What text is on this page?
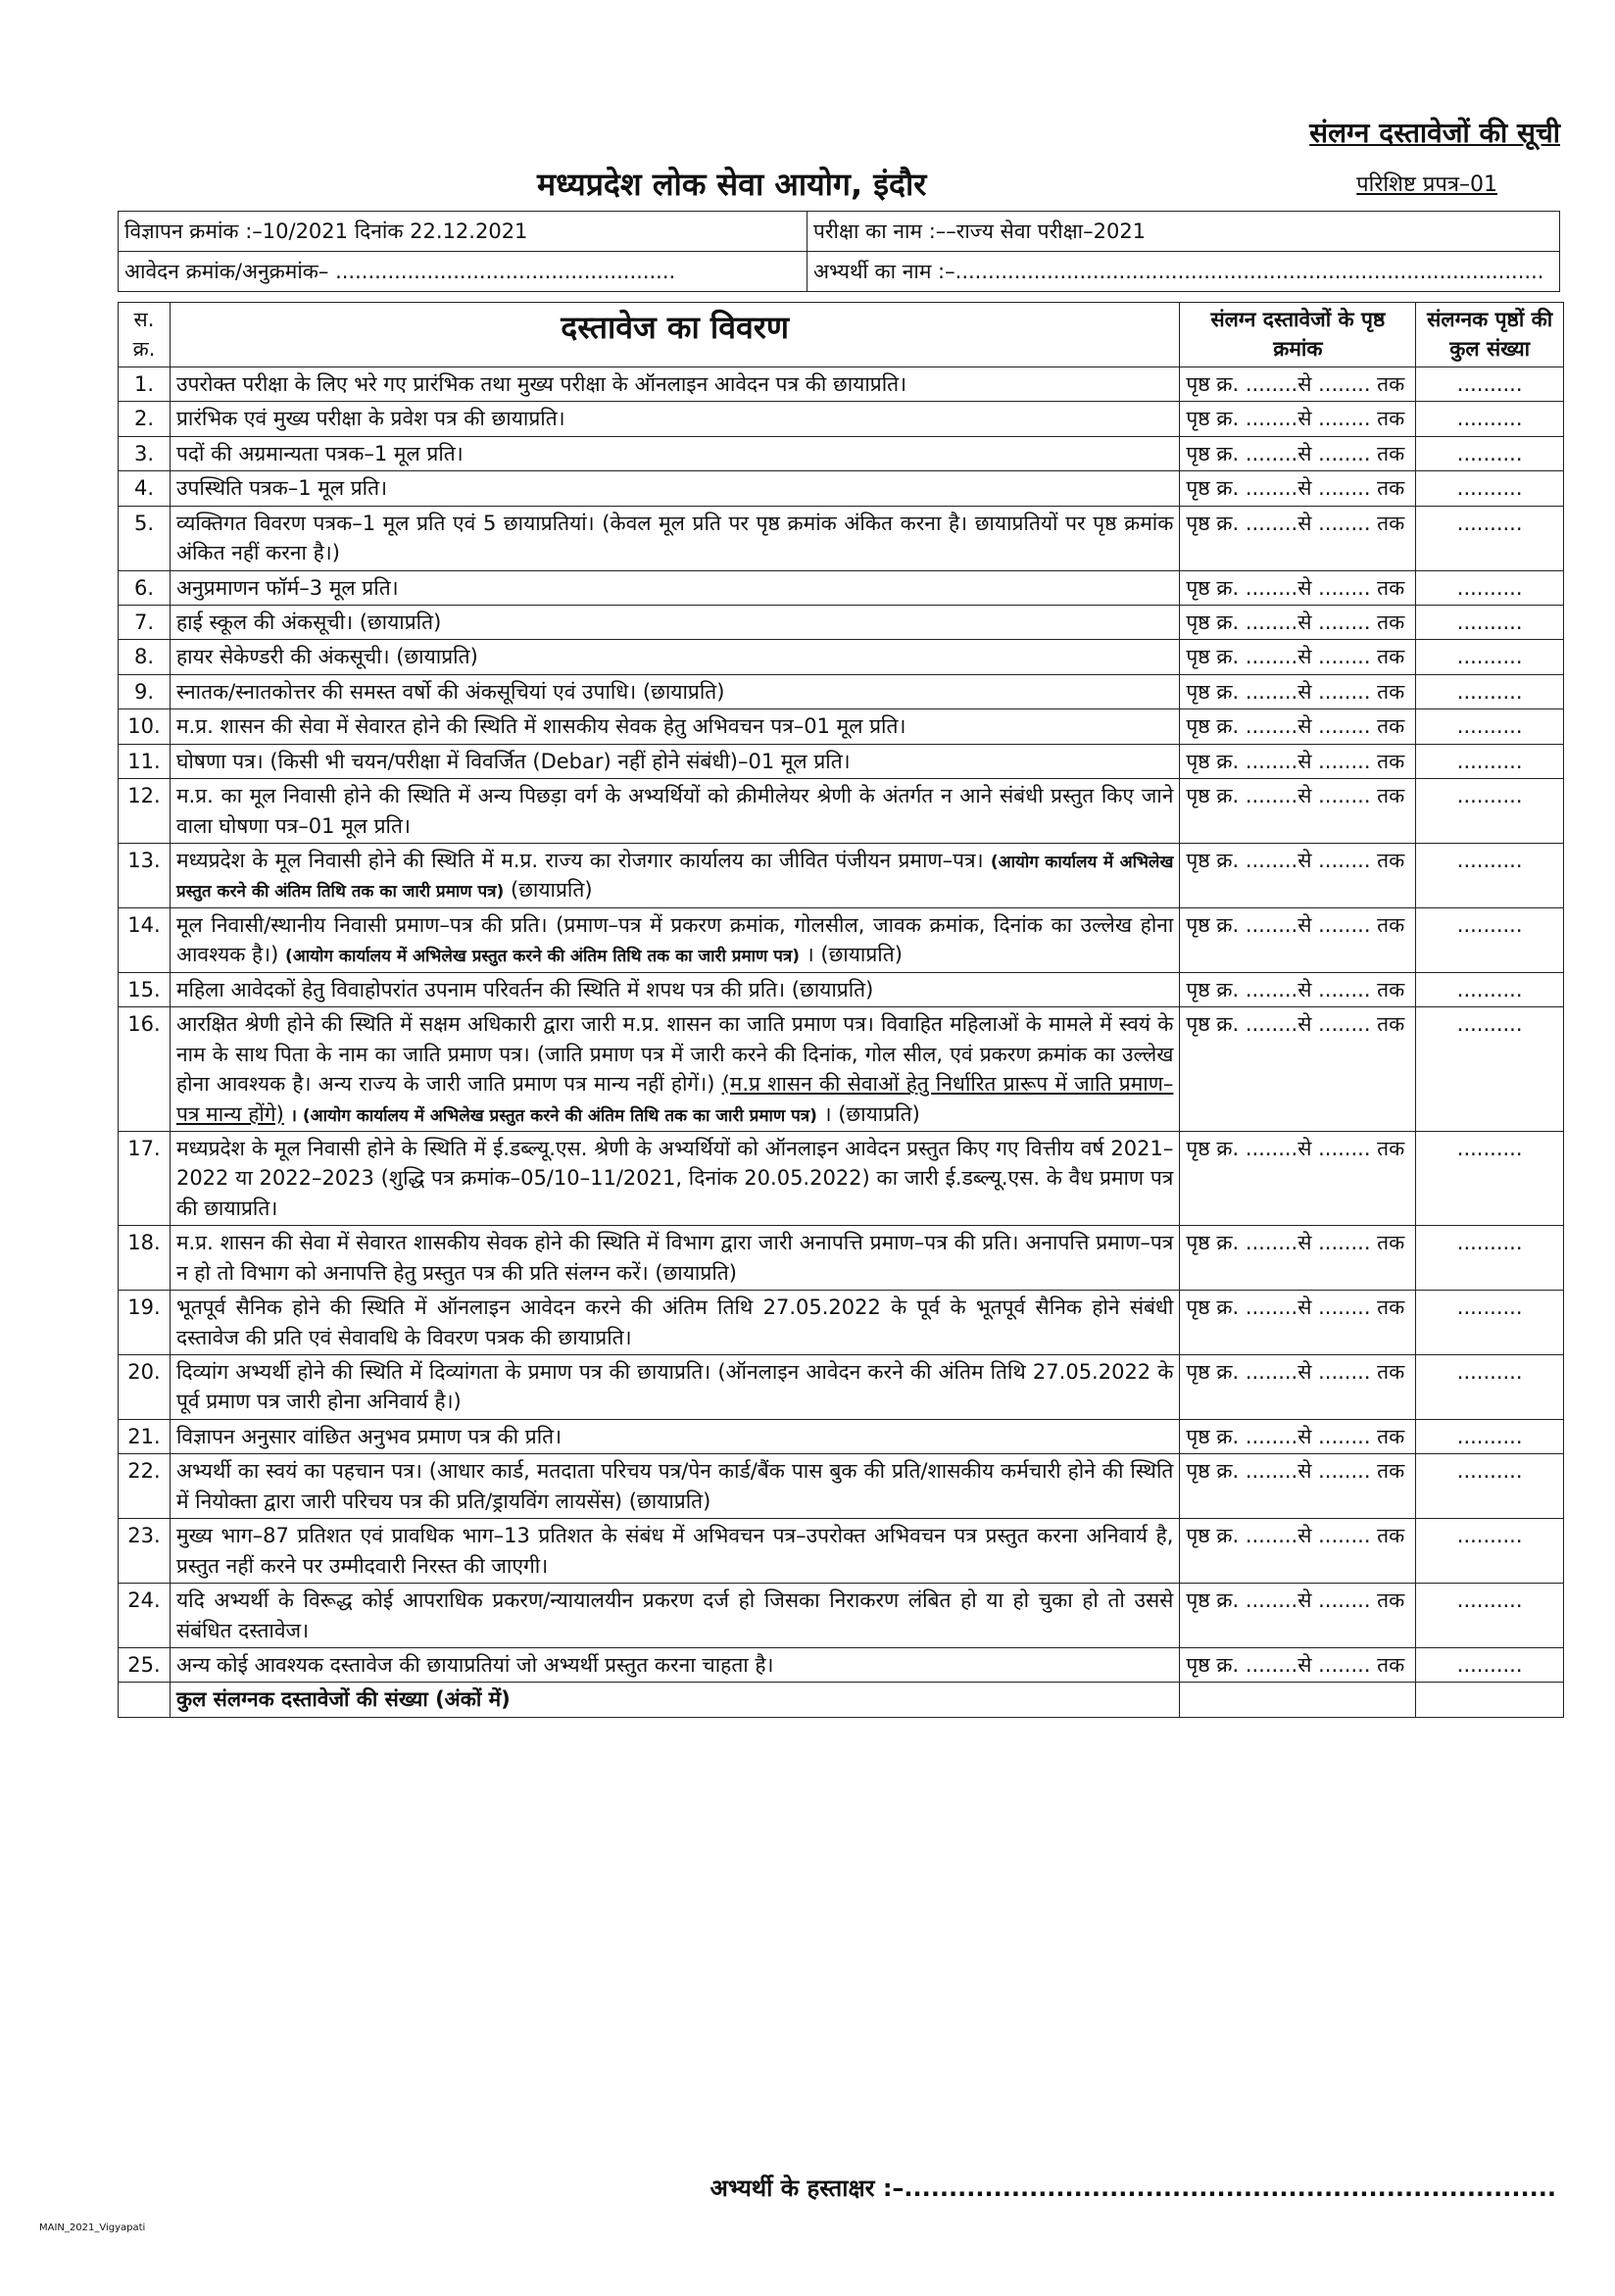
संलग्न दस्तावेजों की सूची
मध्यप्रदेश लोक सेवा आयोग, इंदौर	परिशिष्ट प्रपत्र–01
विज्ञापन क्रमांक :–10/2021 दिनांक 22.12.2021	परीक्षा का नाम :––राज्य सेवा परीक्षा–2021
आवेदन क्रमांक/अनुक्रमांक– ....................................................	अभ्यर्थी का नाम :–..........................................................................................
स. क्र.	दस्तावेज का विवरण	संलग्न दस्तावेजों के पृष्ठ क्रमांक	संलग्नक पृष्ठों की कुल संख्या
1.	उपरोक्त परीक्षा के लिए भरे गए प्रारंभिक तथा मुख्य परीक्षा के ऑनलाइन आवेदन पत्र की छायाप्रति।	पृष्ठ क्र. ........से ........ तक	..........
2.	प्रारंभिक एवं मुख्य परीक्षा के प्रवेश पत्र की छायाप्रति।	पृष्ठ क्र. ........से ........ तक	..........
3.	पदों की अग्रमान्यता पत्रक–1 मूल प्रति।	पृष्ठ क्र. ........से ........ तक	..........
4.	उपस्थिति पत्रक–1 मूल प्रति।	पृष्ठ क्र. ........से ........ तक	..........
5.	व्यक्तिगत विवरण पत्रक–1 मूल प्रति एवं 5 छायाप्रतियां। (केवल मूल प्रति पर पृष्ठ क्रमांक अंकित करना है। छायाप्रतियों पर पृष्ठ क्रमांक अंकित नहीं करना है।)	पृष्ठ क्र. ........से ........ तक	..........
6.	अनुप्रमाणन फॉर्म–3 मूल प्रति।	पृष्ठ क्र. ........से ........ तक	..........
7.	हाई स्कूल की अंकसूची। (छायाप्रति)	पृष्ठ क्र. ........से ........ तक	..........
8.	हायर सेकेण्डरी की अंकसूची। (छायाप्रति)	पृष्ठ क्र. ........से ........ तक	..........
9.	स्नातक/स्नातकोत्तर की समस्त वर्षो की अंकसूचियां एवं उपाधि। (छायाप्रति)	पृष्ठ क्र. ........से ........ तक	..........
10.	म.प्र. शासन की सेवा में सेवारत होने की स्थिति में शासकीय सेवक हेतु अभिवचन पत्र–01 मूल प्रति।	पृष्ठ क्र. ........से ........ तक	..........
11.	घोषणा पत्र। (किसी भी चयन/परीक्षा में विवर्जित (Debar) नहीं होने संबंधी)–01 मूल प्रति।	पृष्ठ क्र. ........से ........ तक	..........
12.	म.प्र. का मूल निवासी होने की स्थिति में अन्य पिछड़ा वर्ग के अभ्यर्थियों को क्रीमीलेयर श्रेणी के अंतर्गत न आने संबंधी प्रस्तुत किए जाने वाला घोषणा पत्र–01 मूल प्रति।	पृष्ठ क्र. ........से ........ तक	..........
13.	मध्यप्रदेश के मूल निवासी होने की स्थिति में म.प्र. राज्य का रोजगार कार्यालय का जीवित पंजीयन प्रमाण–पत्र। (आयोग कार्यालय में अभिलेख प्रस्तुत करने की अंतिम तिथि तक का जारी प्रमाण पत्र) (छायाप्रति)	पृष्ठ क्र. ........से ........ तक	..........
14.	मूल निवासी/स्थानीय निवासी प्रमाण–पत्र की प्रति। (प्रमाण–पत्र में प्रकरण क्रमांक, गोलसील, जावक क्रमांक, दिनांक का उल्लेख होना आवश्यक है।) (आयोग कार्यालय में अभिलेख प्रस्तुत करने की अंतिम तिथि तक का जारी प्रमाण पत्र) । (छायाप्रति)	पृष्ठ क्र. ........से ........ तक	..........
15.	महिला आवेदकों हेतु विवाहोपरांत उपनाम परिवर्तन की स्थिति में शपथ पत्र की प्रति। (छायाप्रति)	पृष्ठ क्र. ........से ........ तक	..........
16.	आरक्षित श्रेणी होने की स्थिति में सक्षम अधिकारी द्वारा जारी म.प्र. शासन का जाति प्रमाण पत्र। विवाहित महिलाओं के मामले में स्वयं के नाम के साथ पिता के नाम का जाति प्रमाण पत्र। (जाति प्रमाण पत्र में जारी करने की दिनांक, गोल सील, एवं प्रकरण क्रमांक का उल्लेख होना आवश्यक है। अन्य राज्य के जारी जाति प्रमाण पत्र मान्य नहीं होगें।) (म.प्र शासन की सेवाओं हेतु निर्धारित प्रारूप में जाति प्रमाण–पत्र मान्य होंगे) । (आयोग कार्यालय में अभिलेख प्रस्तुत करने की अंतिम तिथि तक का जारी प्रमाण पत्र) । (छायाप्रति)	पृष्ठ क्र. ........से ........ तक	..........
17.	मध्यप्रदेश के मूल निवासी होने के स्थिति में ई.डब्ल्यू.एस. श्रेणी के अभ्यर्थियों को ऑनलाइन आवेदन प्रस्तुत किए गए वित्तीय वर्ष 2021–2022 या 2022–2023 (शुद्धि पत्र क्रमांक–05/10–11/2021, दिनांक 20.05.2022) का जारी ई.डब्ल्यू.एस. के वैध प्रमाण पत्र की छायाप्रति।	पृष्ठ क्र. ........से ........ तक	..........
18.	म.प्र. शासन की सेवा में सेवारत शासकीय सेवक होने की स्थिति में विभाग द्वारा जारी अनापत्ति प्रमाण–पत्र की प्रति। अनापत्ति प्रमाण–पत्र न हो तो विभाग को अनापत्ति हेतु प्रस्तुत पत्र की प्रति संलग्न करें। (छायाप्रति)	पृष्ठ क्र. ........से ........ तक	..........
19.	भूतपूर्व सैनिक होने की स्थिति में ऑनलाइन आवेदन करने की अंतिम तिथि 27.05.2022 के पूर्व के भूतपूर्व सैनिक होने संबंधी दस्तावेज की प्रति एवं सेवावधि के विवरण पत्रक की छायाप्रति।	पृष्ठ क्र. ........से ........ तक	..........
20.	दिव्यांग अभ्यर्थी होने की स्थिति में दिव्यांगता के प्रमाण पत्र की छायाप्रति। (ऑनलाइन आवेदन करने की अंतिम तिथि 27.05.2022 के पूर्व प्रमाण पत्र जारी होना अनिवार्य है।)	पृष्ठ क्र. ........से ........ तक	..........
21.	विज्ञापन अनुसार वांछित अनुभव प्रमाण पत्र की प्रति।	पृष्ठ क्र. ........से ........ तक	..........
22.	अभ्यर्थी का स्वयं का पहचान पत्र। (आधार कार्ड, मतदाता परिचय पत्र/पेन कार्ड/बैंक पास बुक की प्रति/शासकीय कर्मचारी होने की स्थिति में नियोक्ता द्वारा जारी परिचय पत्र की प्रति/ड्रायविंग लायसेंस) (छायाप्रति)	पृष्ठ क्र. ........से ........ तक	..........
23.	मुख्य भाग–87 प्रतिशत एवं प्रावधिक भाग–13 प्रतिशत के संबंध में अभिवचन पत्र–उपरोक्त अभिवचन पत्र प्रस्तुत करना अनिवार्य है, प्रस्तुत नहीं करने पर उम्मीदवारी निरस्त की जाएगी।	पृष्ठ क्र. ........से ........ तक	..........
24.	यदि अभ्यर्थी के विरूद्ध कोई आपराधिक प्रकरण/न्यायालयीन प्रकरण दर्ज हो जिसका निराकरण लंबित हो या हो चुका हो तो उससे संबंधित दस्तावेज।	पृष्ठ क्र. ........से ........ तक	..........
25.	अन्य कोई आवश्यक दस्तावेज की छायाप्रतियां जो अभ्यर्थी प्रस्तुत करना चाहता है।	पृष्ठ क्र. ........से ........ तक	..........
	कुल संलग्नक दस्तावेजों की संख्या (अंकों में)		
अभ्यर्थी के हस्ताक्षर :–.........................................................................
MAIN_2021_Vigyapati
